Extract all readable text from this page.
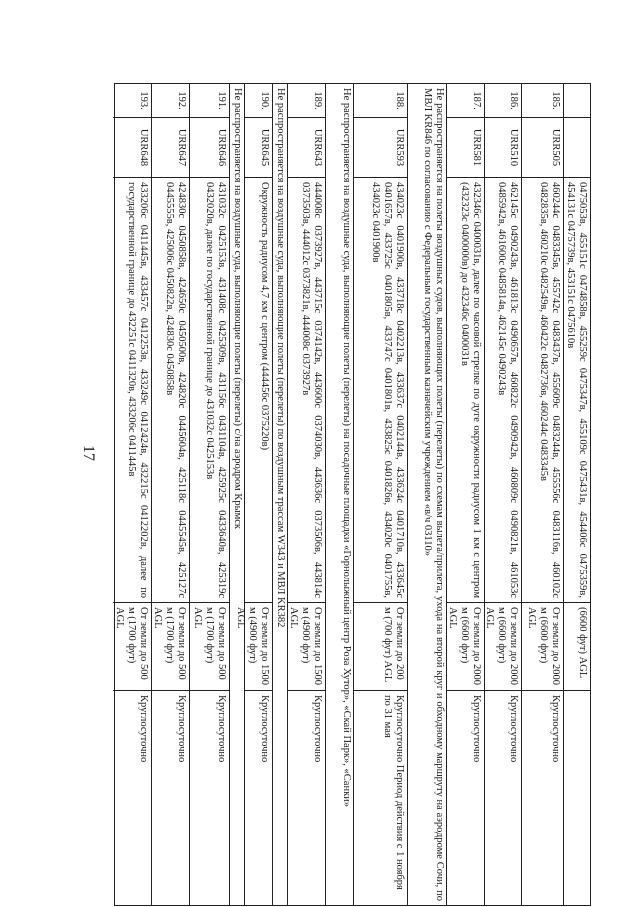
17	0475053в, 455151с 0474858в, 455259с 0475347в, 455109с 0475431в, 454406с 0475359в, 454131с 0475739в, 453151с 0475610в
(6600 фут) AGL
185.
URR505
460244с 0483345в, 455742с 0483437в, 455609с 0483244в, 455556с 0483116в, 460102с 0482835в, 460210с 0482549в, 460422с 0482736в, 460244с 0483345в
От земли до 2000 м (6600 фут) AGL
Круглосуточно
186.
URR510
462145с 0490243в, 461813с 0490657в, 460822с 0490942в, 460809с 0490821в, 461053с 0485942в, 461600с 0485814в, 462145с 0490243в
От земли до 2000 м (6600 фут) AGL
Круглосуточно
187.
URR581
432346с 0400031в, далее по часовой стрелке по дуге окружности радиусом 1 км с центром (432323с 0400000в) до 432346с 0400031в
От земли до 2000 м (6600 фут) AGL
Круглосуточно
Не распространяется на полеты воздушных судов, выполняющих полеты (перелеты) по схемам вылета/прилета, ухода на второй круг и обходному маршруту на аэродроме Сочи, по МВЛ KR846 по согласованию с Федеральным государственным казначейским учреждением «в/ч 03110»
188.
URR593
434023с 0401900в, 433718с 0402213в, 433637с 0402144в, 433624с 0401710в, 433645с 0401657в, 433725с 0401805в, 433747с 0401801в, 433825с 0401826в, 434020с 0401755в, 434023с 0401900в
От земли до 200 м (700 фут) AGL
Круглосуточно Период действия с 1 ноября по 31 мая
Не распространяется на воздушные суда, выполняющие полеты (перелеты) на посадочные площадки «Горнолыжный центр Роза Хутор», «Скай Парк», «Санки»
189.
URR643
444008с 0373927в, 443715с 0374142в, 443600с 0374030в, 443636с 0373506в, 443814с 0373503в, 444012с 0373821в, 444008с 0373927в
От земли до 1500 м (4900 фут) AGL
Круглосуточно
Не распространяется на воздушные суда, выполняющие полеты (перелеты) по воздушным трассам W343 и МВЛ KR382
190.
URR645
Окружность радиусом 4,7 км с центром (444456с 0375220в)
От земли до 1500 м (4900 фут) AGL
Круглосуточно
Не распространяется на воздушные суда, выполняющие полеты (перелеты) с/на аэродром Крымск
191.
URR646
431032с 0425153в, 431408с 0425309в, 431156с 0431104в, 425925с 0433640в, 425319с 0432020в, далее по государственной границе до 431032с 0425153в
От земли до 500 м (1700 фут) AGL
Круглосуточно
192.
URR647
424830с 0450858в, 424650с 0450500в, 424820с 0445604в, 425118с 0445545в, 425127с 0445555в, 425006с 0450822в, 424830с 0450858в
От земли до 500 м (1700 фут) AGL
Круглосуточно
193.
URR648
433206с 0411445в, 433457с 0412253в, 433249с 0412424в, 432215с 0412202в, далее по государственной границе до 432251с 0411320в, 433206с 0411445в
От земли до 500 м (1700 фут) AGL
Круглосуточно
